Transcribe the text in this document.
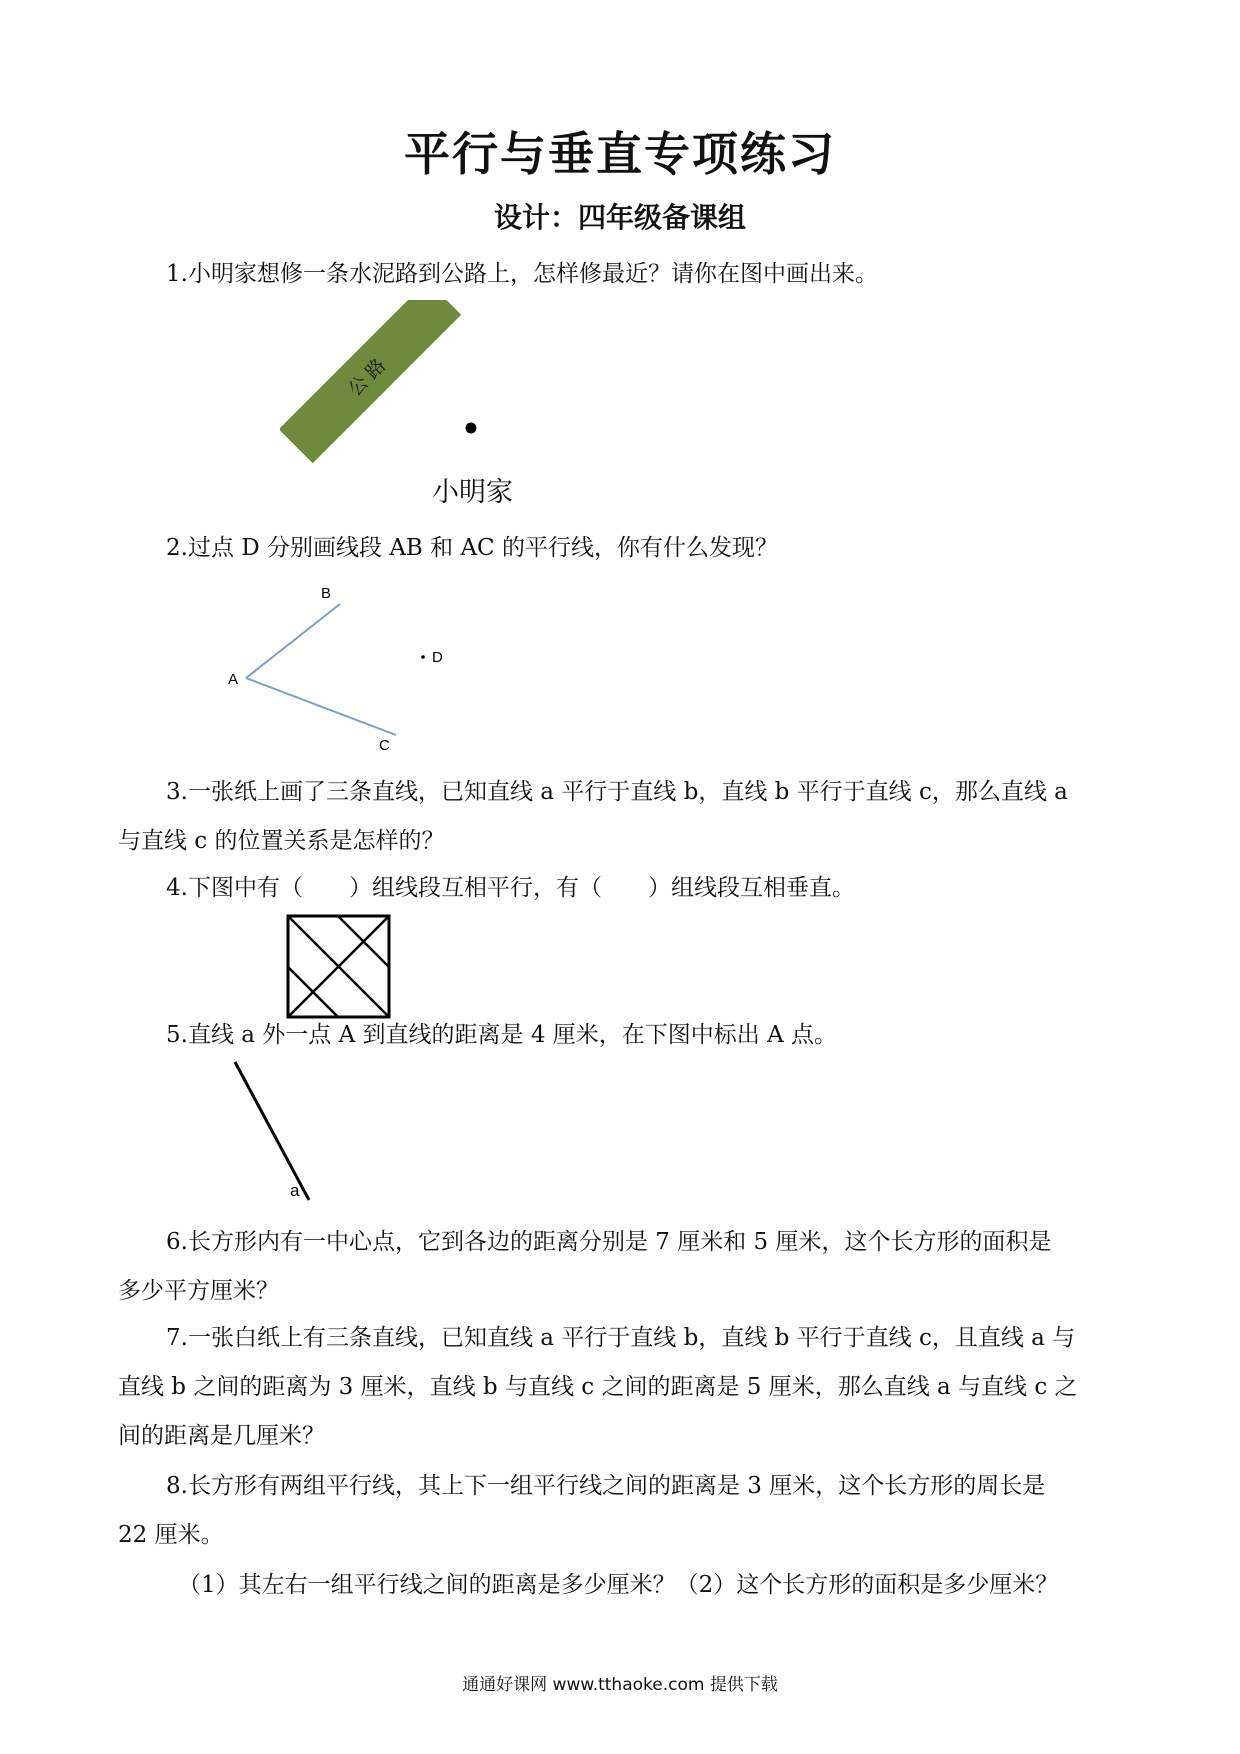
平行与垂直专项练习
设计：四年级备课组
1.小明家想修一条水泥路到公路上，怎样修最近？请你在图中画出来。
公 路
小明家
2.过点 D 分别画线段 AB 和 AC 的平行线，你有什么发现？
A
B
C
D
3.一张纸上画了三条直线，已知直线 a 平行于直线 b，直线 b 平行于直线 c，那么直线 a
与直线 c 的位置关系是怎样的？
4.下图中有（　　）组线段互相平行，有（　　）组线段互相垂直。
5.直线 a 外一点 A 到直线的距离是 4 厘米，在下图中标出 A 点。
a
6.长方形内有一中心点，它到各边的距离分别是 7 厘米和 5 厘米，这个长方形的面积是
多少平方厘米？
7.一张白纸上有三条直线，已知直线 a 平行于直线 b，直线 b 平行于直线 c，且直线 a 与
直线 b 之间的距离为 3 厘米，直线 b 与直线 c 之间的距离是 5 厘米，那么直线 a 与直线 c 之
间的距离是几厘米？
8.长方形有两组平行线，其上下一组平行线之间的距离是 3 厘米，这个长方形的周长是
22 厘米。
（1）其左右一组平行线之间的距离是多少厘米？（2）这个长方形的面积是多少厘米？
通通好课网 www.tthaoke.com 提供下载
